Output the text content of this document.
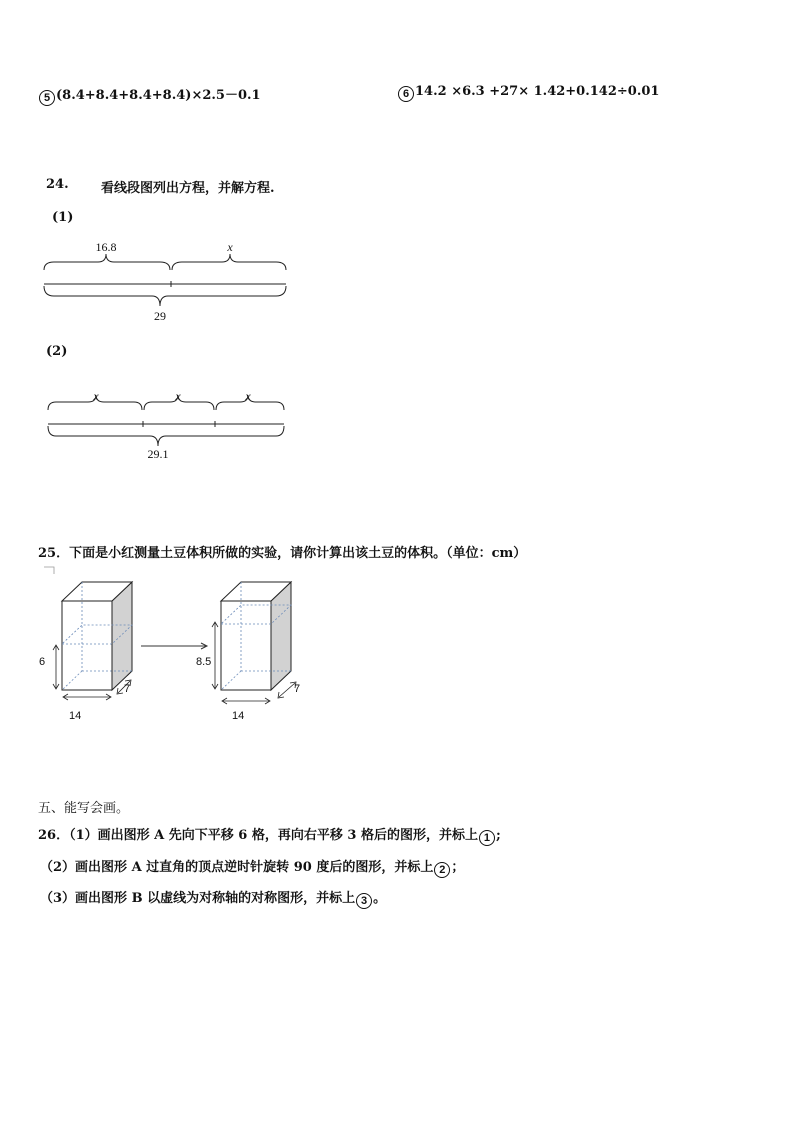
5 (8.4+8.4+8.4+8.4)×2.5－0.1	6 14.2 ×6.3 +27× 1.42+0.142÷0.01
24. 看线段图列出方程，并解方程.
(1)
16.8	x
29
(2)
x	x	x
29.1
25．下面是小红测量土豆体积所做的实验，请你计算出该土豆的体积。（单位：cm）
6
14
7
8.5
14
7
五、能写会画。
26．（1）画出图形 A 先向下平移 6 格，再向右平移 3 格后的图形，并标上 1 ;
（2）画出图形 A 过直角的顶点逆时针旋转 90 度后的图形，并标上 2 ；
（3）画出图形 B 以虚线为对称轴的对称图形，并标上 3 。
